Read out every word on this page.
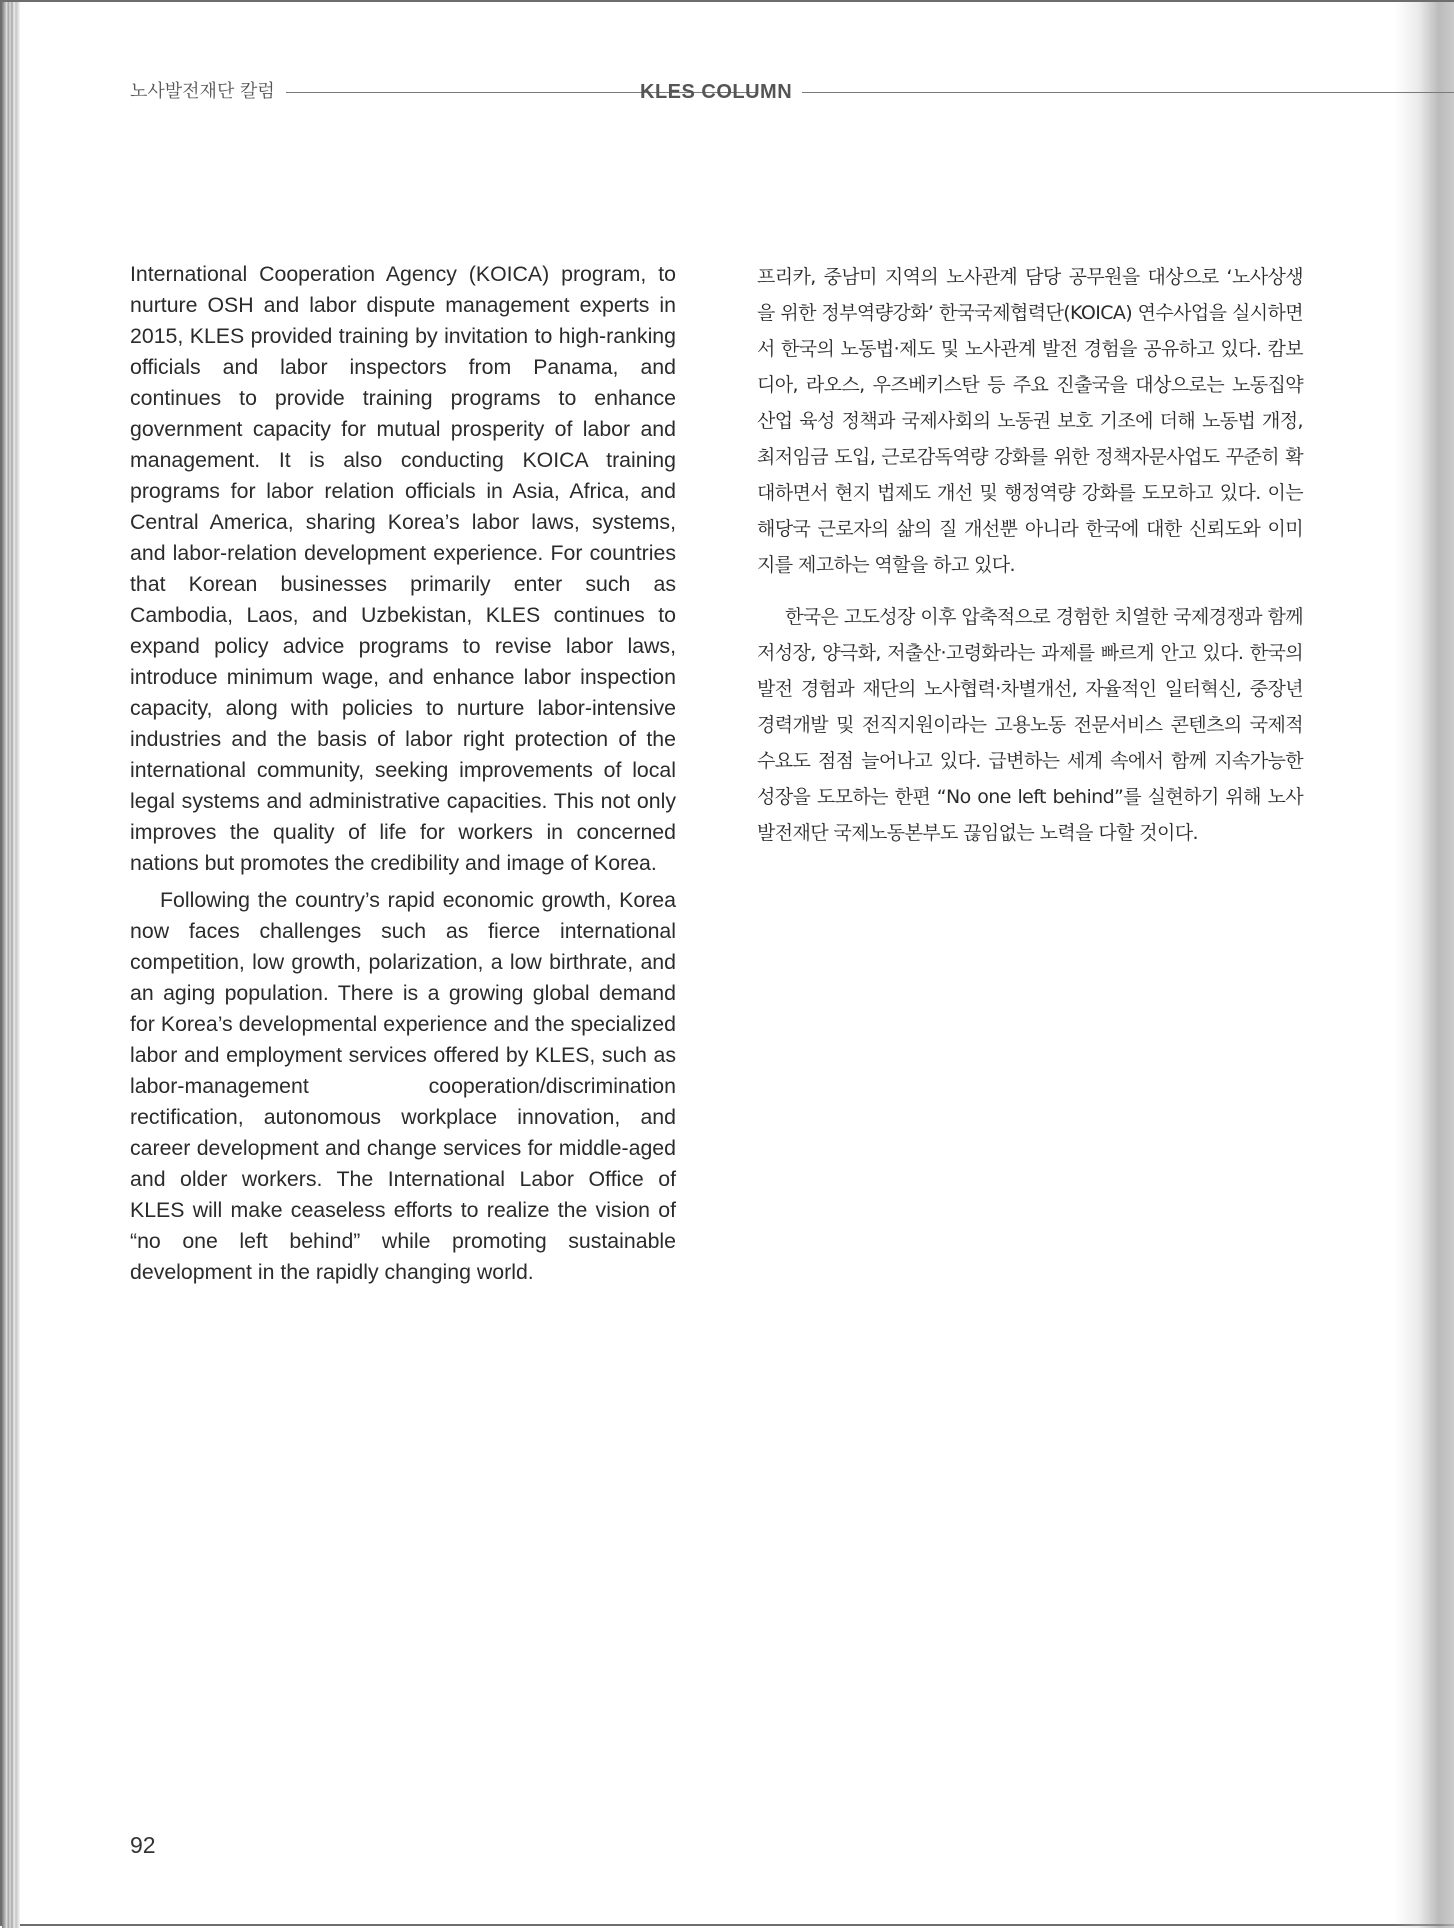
노사발전재단 칼럼	KLES COLUMN

International Cooperation Agency (KOICA) program, to nurture OSH and labor dispute management experts in 2015, KLES provided training by invitation to high-ranking officials and labor inspectors from Panama, and continues to provide training programs to enhance government capacity for mutual prosperity of labor and management. It is also conducting KOICA training programs for labor relation officials in Asia, Africa, and Central America, sharing Korea’s labor laws, systems, and labor-relation development experience. For countries that Korean businesses primarily enter such as Cambodia, Laos, and Uzbekistan, KLES continues to expand policy advice programs to revise labor laws, introduce minimum wage, and enhance labor inspection capacity, along with policies to nurture labor-intensive industries and the basis of labor right protection of the international community, seeking improvements of local legal systems and administrative capacities. This not only improves the quality of life for workers in concerned nations but promotes the credibility and image of Korea.

Following the country’s rapid economic growth, Korea now faces challenges such as fierce international competition, low growth, polarization, a low birthrate, and an aging population. There is a growing global demand for Korea’s developmental experience and the specialized labor and employment services offered by KLES, such as labor-management cooperation/discrimination rectification, autonomous workplace innovation, and career development and change services for middle-aged and older workers. The International Labor Office of KLES will make ceaseless efforts to realize the vision of “no one left behind” while promoting sustainable development in the rapidly changing world.

프리카, 중남미 지역의 노사관계 담당 공무원을 대상으로 ‘노사상생을 위한 정부역량강화’ 한국국제협력단(KOICA) 연수사업을 실시하면서 한국의 노동법·제도 및 노사관계 발전 경험을 공유하고 있다. 캄보디아, 라오스, 우즈베키스탄 등 주요 진출국을 대상으로는 노동집약산업 육성 정책과 국제사회의 노동권 보호 기조에 더해 노동법 개정, 최저임금 도입, 근로감독역량 강화를 위한 정책자문사업도 꾸준히 확대하면서 현지 법제도 개선 및 행정역량 강화를 도모하고 있다. 이는 해당국 근로자의 삶의 질 개선뿐 아니라 한국에 대한 신뢰도와 이미지를 제고하는 역할을 하고 있다.

한국은 고도성장 이후 압축적으로 경험한 치열한 국제경쟁과 함께 저성장, 양극화, 저출산·고령화라는 과제를 빠르게 안고 있다. 한국의 발전 경험과 재단의 노사협력·차별개선, 자율적인 일터혁신, 중장년 경력개발 및 전직지원이라는 고용노동 전문서비스 콘텐츠의 국제적 수요도 점점 늘어나고 있다. 급변하는 세계 속에서 함께 지속가능한 성장을 도모하는 한편 “No one left behind”를 실현하기 위해 노사발전재단 국제노동본부도 끊임없는 노력을 다할 것이다.

92
